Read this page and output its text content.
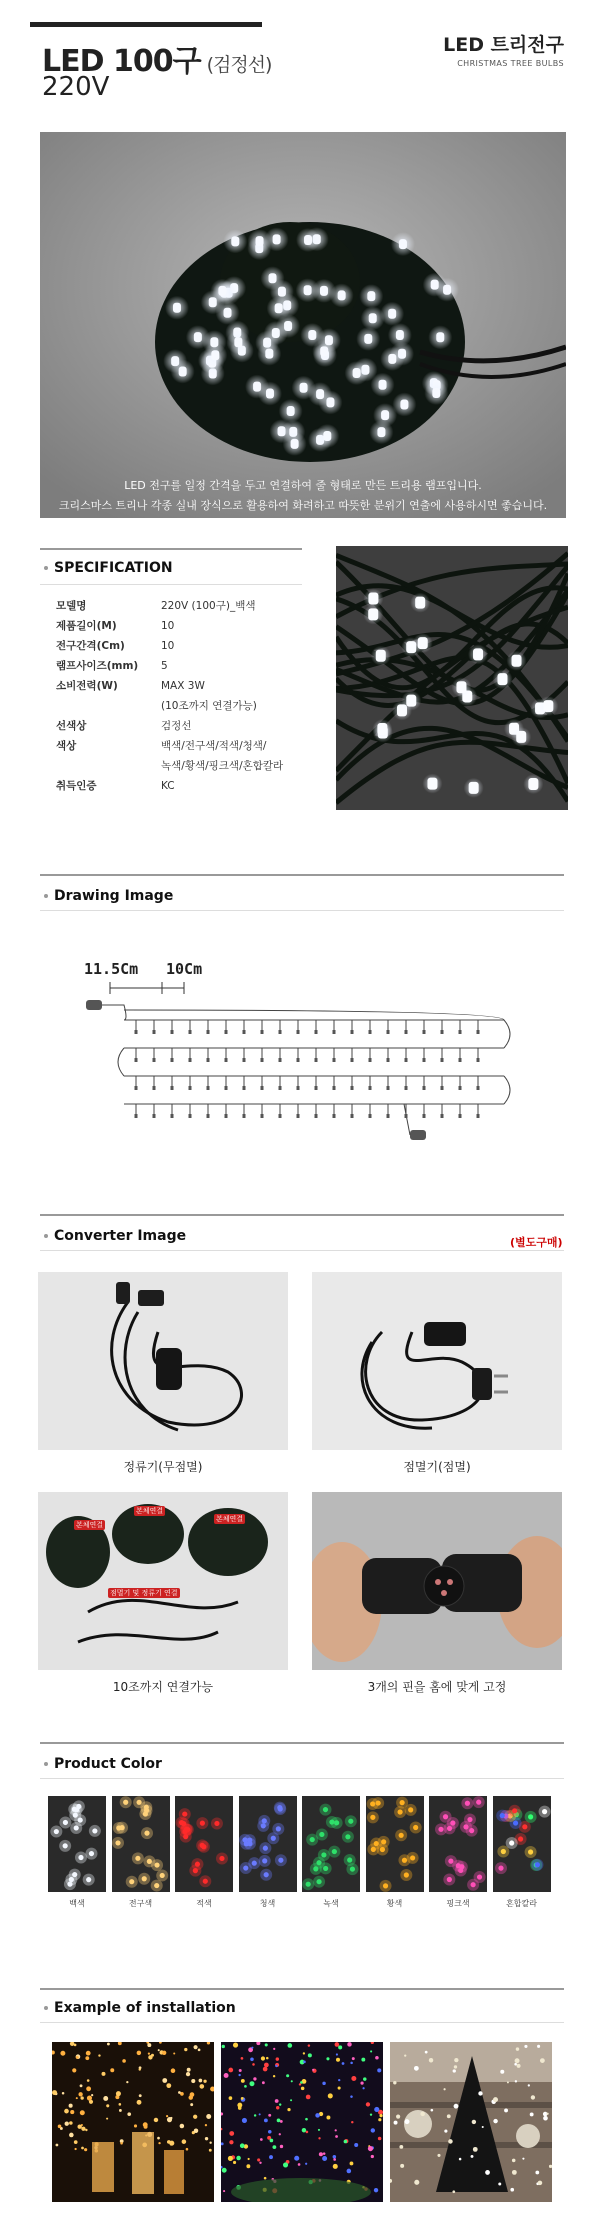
LED 100구 (검정선)
220V
LED 트리전구
CHRISTMAS TREE BULBS
LED 전구를 일정 간격을 두고 연결하여 줄 형태로 만든 트리용 램프입니다.
크리스마스 트리나 각종 실내 장식으로 활용하여 화려하고 따뜻한 분위기 연출에 사용하시면 좋습니다.
SPECIFICATION
모델명	220V (100구)_백색
제품길이(M)	10
전구간격(Cm)	10
램프사이즈(mm)	5
소비전력(W)	MAX 3W
(10조까지 연결가능)
선색상	검정선
색상	백색/전구색/적색/청색/
녹색/황색/핑크색/혼합칼라
취득인증	KC
Drawing Image
11.5Cm 10Cm
Converter Image	(별도구매)
정류기(무점멸)	점멸기(점멸)
본체연결
본체연결
본체연결
점멸기 및 정류기 연결
10조까지 연결가능	3개의 핀을 홈에 맞게 고정
Product Color
백색	전구색	적색	청색	녹색	황색	핑크색	혼합칼라
Example of installation
